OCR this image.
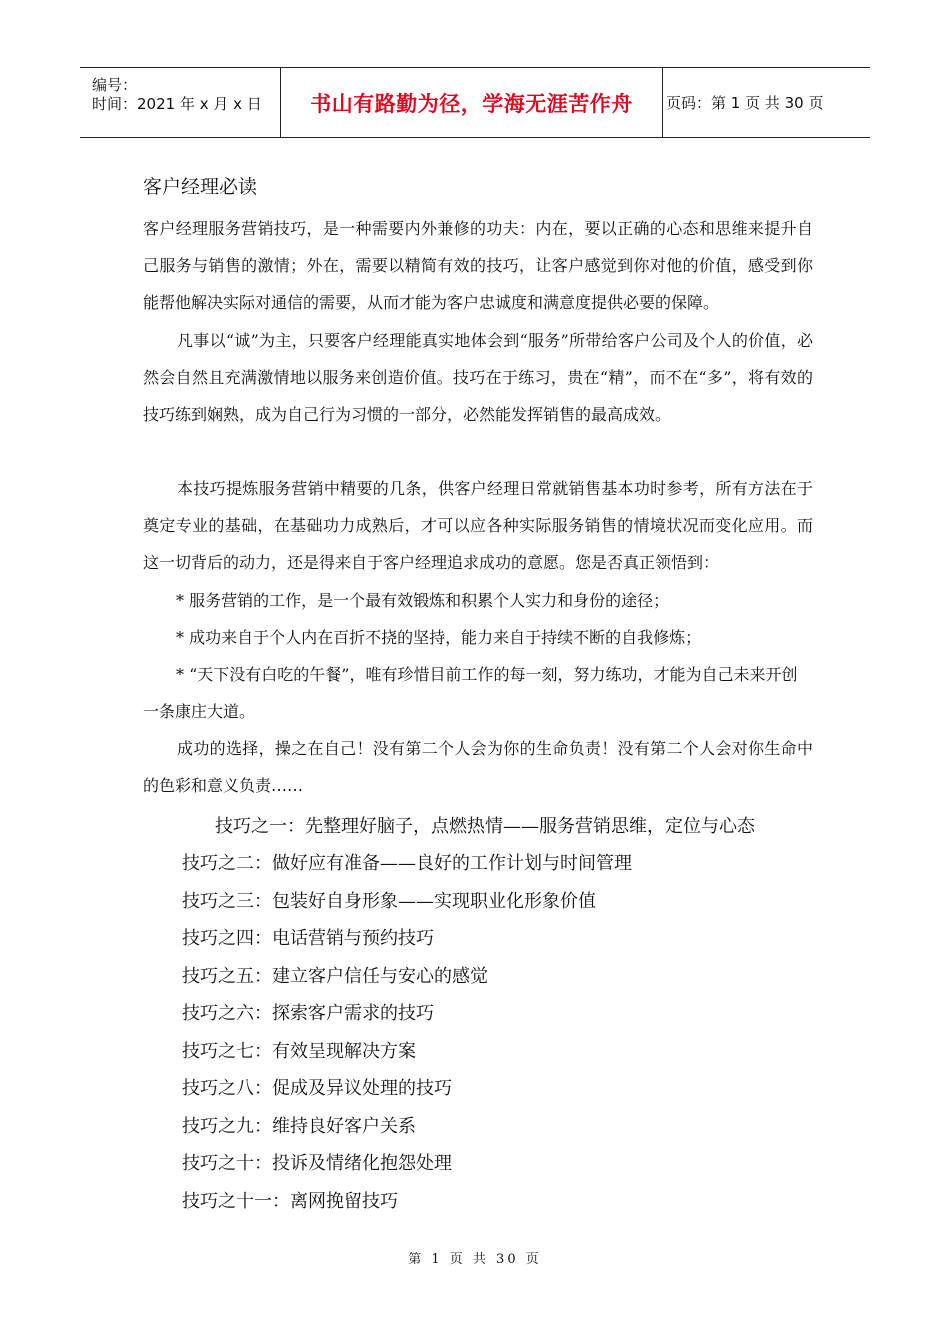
编号：
时间：2021 年 x 月 x 日	书山有路勤为径，学海无涯苦作舟	页码：第 1 页 共 30 页
客户经理必读
客户经理服务营销技巧，是一种需要内外兼修的功夫：内在，要以正确的心态和思维来提升自己服务与销售的激情；外在，需要以精简有效的技巧，让客户感觉到你对他的价值，感受到你能帮他解决实际对通信的需要，从而才能为客户忠诚度和满意度提供必要的保障。
凡事以“诚”为主，只要客户经理能真实地体会到“服务”所带给客户公司及个人的价值，必然会自然且充满激情地以服务来创造价值。技巧在于练习，贵在“精”，而不在“多”，将有效的技巧练到娴熟，成为自己行为习惯的一部分，必然能发挥销售的最高成效。
本技巧提炼服务营销中精要的几条，供客户经理日常就销售基本功时参考，所有方法在于奠定专业的基础，在基础功力成熟后，才可以应各种实际服务销售的情境状况而变化应用。而这一切背后的动力，还是得来自于客户经理追求成功的意愿。您是否真正领悟到：
* 服务营销的工作，是一个最有效锻炼和积累个人实力和身份的途径；
* 成功来自于个人内在百折不挠的坚持，能力来自于持续不断的自我修炼；
* “天下没有白吃的午餐”，唯有珍惜目前工作的每一刻，努力练功，才能为自己未来开创一条康庄大道。
成功的选择，操之在自己！没有第二个人会为你的生命负责！没有第二个人会对你生命中的色彩和意义负责……
技巧之一：先整理好脑子，点燃热情——服务营销思维，定位与心态
技巧之二：做好应有准备——良好的工作计划与时间管理
技巧之三：包装好自身形象——实现职业化形象价值
技巧之四：电话营销与预约技巧
技巧之五：建立客户信任与安心的感觉
技巧之六：探索客户需求的技巧
技巧之七：有效呈现解决方案
技巧之八：促成及异议处理的技巧
技巧之九：维持良好客户关系
技巧之十：投诉及情绪化抱怨处理
技巧之十一：离网挽留技巧
第 1 页 共 30 页
